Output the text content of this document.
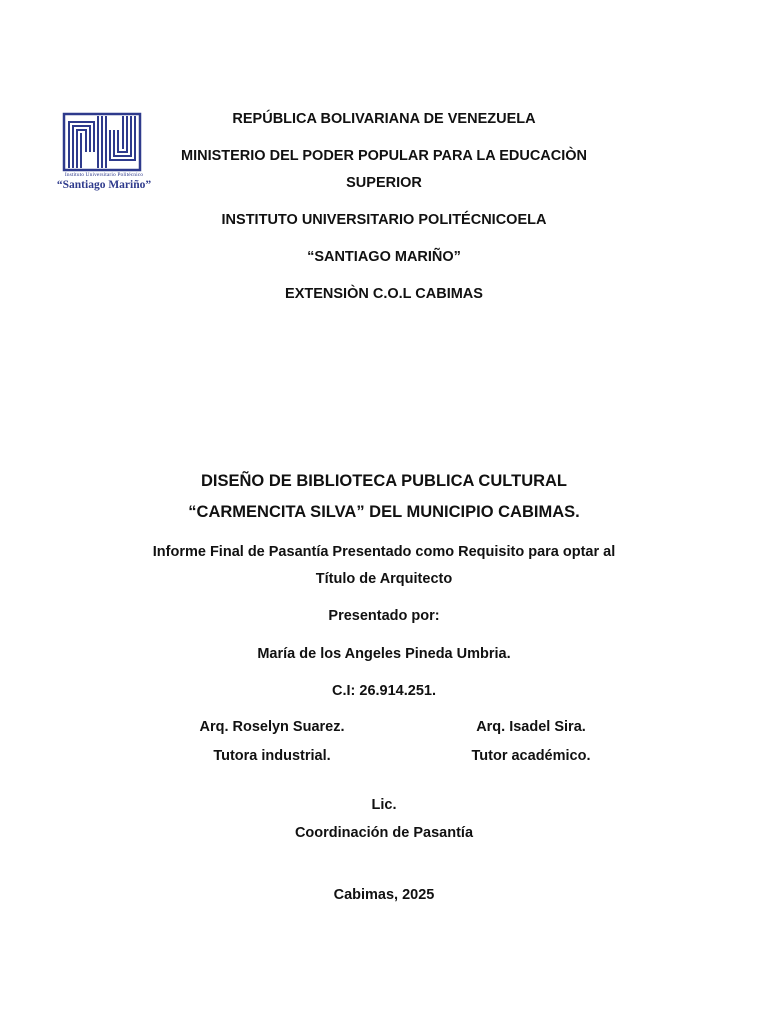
Instituto Universitario Politécnico
“Santiago Mariño”
REPÚBLICA BOLIVARIANA DE VENEZUELA
MINISTERIO DEL PODER POPULAR PARA LA EDUCACIÒN
SUPERIOR
INSTITUTO UNIVERSITARIO POLITÉCNICOELA
“SANTIAGO MARIÑO”
EXTENSIÒN C.O.L CABIMAS
DISEÑO DE BIBLIOTECA PUBLICA CULTURAL
“CARMENCITA SILVA” DEL MUNICIPIO CABIMAS.
Informe Final de Pasantía Presentado como Requisito para optar al
Título de Arquitecto
Presentado por:
María de los Angeles Pineda Umbria.
C.I: 26.914.251.
Arq. Roselyn Suarez.
Tutora industrial.
Arq. Isadel Sira.
Tutor académico.
Lic.
Coordinación de Pasantía
Cabimas, 2025
